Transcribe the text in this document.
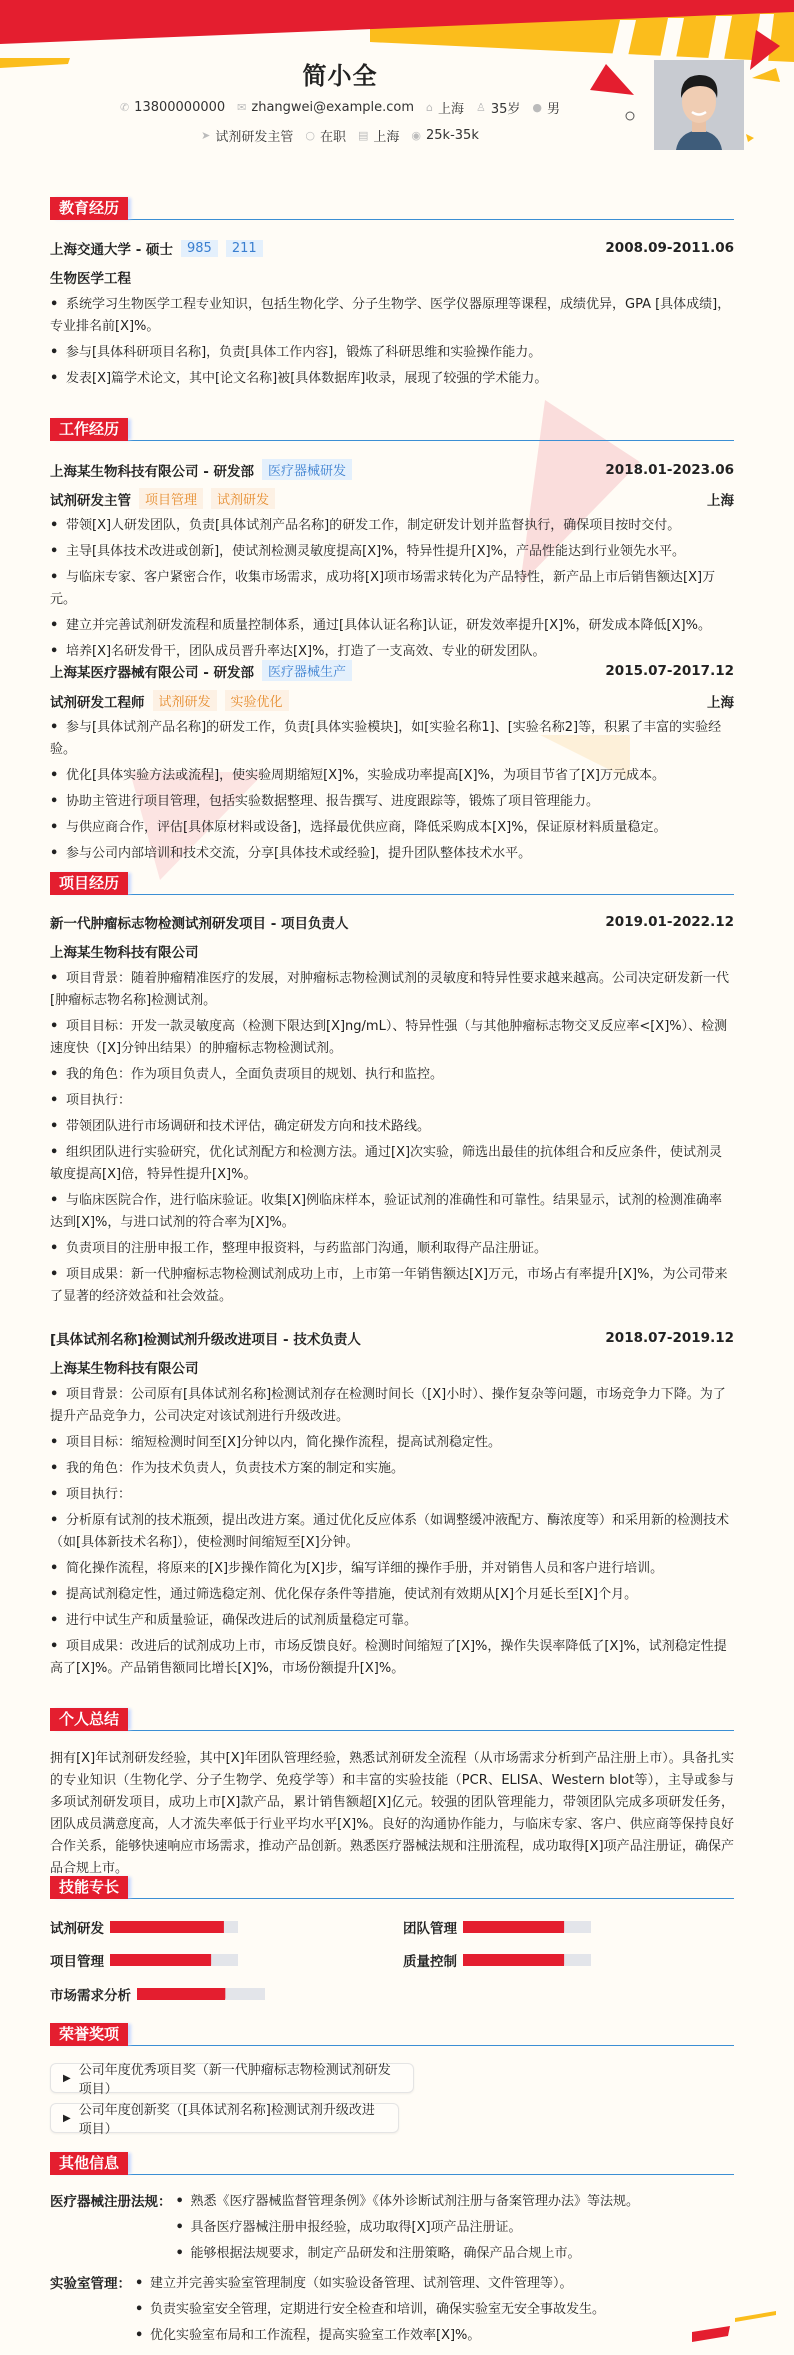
简小全
✆ 13800000000 ✉ zhangwei@example.com ⌂ 上海 ♙ 35岁 ● 男
➤ 试剂研发主管 ○ 在职 ▤ 上海 ◉ 25k-35k
教育经历
上海交通大学 - 硕士	985	211	2008.09-2011.06
生物医学工程
• 系统学习生物医学工程专业知识，包括生物化学、分子生物学、医学仪器原理等课程，成绩优异，GPA [具体成绩]，专业排名前[X]%。
• 参与[具体科研项目名称]，负责[具体工作内容]，锻炼了科研思维和实验操作能力。
• 发表[X]篇学术论文，其中[论文名称]被[具体数据库]收录，展现了较强的学术能力。
工作经历
上海某生物科技有限公司 - 研发部	医疗器械研发	2018.01-2023.06
试剂研发主管	项目管理	试剂研发	上海
• 带领[X]人研发团队，负责[具体试剂产品名称]的研发工作，制定研发计划并监督执行，确保项目按时交付。
• 主导[具体技术改进或创新]，使试剂检测灵敏度提高[X]%，特异性提升[X]%，产品性能达到行业领先水平。
• 与临床专家、客户紧密合作，收集市场需求，成功将[X]项市场需求转化为产品特性，新产品上市后销售额达[X]万元。
• 建立并完善试剂研发流程和质量控制体系，通过[具体认证名称]认证，研发效率提升[X]%，研发成本降低[X]%。
• 培养[X]名研发骨干，团队成员晋升率达[X]%，打造了一支高效、专业的研发团队。
上海某医疗器械有限公司 - 研发部	医疗器械生产	2015.07-2017.12
试剂研发工程师	试剂研发	实验优化	上海
• 参与[具体试剂产品名称]的研发工作，负责[具体实验模块]，如[实验名称1]、[实验名称2]等，积累了丰富的实验经验。
• 优化[具体实验方法或流程]，使实验周期缩短[X]%，实验成功率提高[X]%，为项目节省了[X]万元成本。
• 协助主管进行项目管理，包括实验数据整理、报告撰写、进度跟踪等，锻炼了项目管理能力。
• 与供应商合作，评估[具体原材料或设备]，选择最优供应商，降低采购成本[X]%，保证原材料质量稳定。
• 参与公司内部培训和技术交流，分享[具体技术或经验]，提升团队整体技术水平。
项目经历
新一代肿瘤标志物检测试剂研发项目 - 项目负责人	2019.01-2022.12
上海某生物科技有限公司
• 项目背景：随着肿瘤精准医疗的发展，对肿瘤标志物检测试剂的灵敏度和特异性要求越来越高。公司决定研发新一代[肿瘤标志物名称]检测试剂。
• 项目目标：开发一款灵敏度高（检测下限达到[X]ng/mL）、特异性强（与其他肿瘤标志物交叉反应率<[X]%）、检测速度快（[X]分钟出结果）的肿瘤标志物检测试剂。
• 我的角色：作为项目负责人，全面负责项目的规划、执行和监控。
• 项目执行：
• 带领团队进行市场调研和技术评估，确定研发方向和技术路线。
• 组织团队进行实验研究，优化试剂配方和检测方法。通过[X]次实验，筛选出最佳的抗体组合和反应条件，使试剂灵敏度提高[X]倍，特异性提升[X]%。
• 与临床医院合作，进行临床验证。收集[X]例临床样本，验证试剂的准确性和可靠性。结果显示，试剂的检测准确率达到[X]%，与进口试剂的符合率为[X]%。
• 负责项目的注册申报工作，整理申报资料，与药监部门沟通，顺利取得产品注册证。
• 项目成果：新一代肿瘤标志物检测试剂成功上市，上市第一年销售额达[X]万元，市场占有率提升[X]%，为公司带来了显著的经济效益和社会效益。
[具体试剂名称]检测试剂升级改进项目 - 技术负责人	2018.07-2019.12
上海某生物科技有限公司
• 项目背景：公司原有[具体试剂名称]检测试剂存在检测时间长（[X]小时）、操作复杂等问题，市场竞争力下降。为了提升产品竞争力，公司决定对该试剂进行升级改进。
• 项目目标：缩短检测时间至[X]分钟以内，简化操作流程，提高试剂稳定性。
• 我的角色：作为技术负责人，负责技术方案的制定和实施。
• 项目执行：
• 分析原有试剂的技术瓶颈，提出改进方案。通过优化反应体系（如调整缓冲液配方、酶浓度等）和采用新的检测技术（如[具体新技术名称]），使检测时间缩短至[X]分钟。
• 简化操作流程，将原来的[X]步操作简化为[X]步，编写详细的操作手册，并对销售人员和客户进行培训。
• 提高试剂稳定性，通过筛选稳定剂、优化保存条件等措施，使试剂有效期从[X]个月延长至[X]个月。
• 进行中试生产和质量验证，确保改进后的试剂质量稳定可靠。
• 项目成果：改进后的试剂成功上市，市场反馈良好。检测时间缩短了[X]%，操作失误率降低了[X]%，试剂稳定性提高了[X]%。产品销售额同比增长[X]%，市场份额提升[X]%。
个人总结
拥有[X]年试剂研发经验，其中[X]年团队管理经验，熟悉试剂研发全流程（从市场需求分析到产品注册上市）。具备扎实的专业知识（生物化学、分子生物学、免疫学等）和丰富的实验技能（PCR、ELISA、Western blot等），主导或参与多项试剂研发项目，成功上市[X]款产品，累计销售额超[X]亿元。较强的团队管理能力，带领团队完成多项研发任务，团队成员满意度高，人才流失率低于行业平均水平[X]%。良好的沟通协作能力，与临床专家、客户、供应商等保持良好合作关系，能够快速响应市场需求，推动产品创新。熟悉医疗器械法规和注册流程，成功取得[X]项产品注册证，确保产品合规上市。
技能专长
试剂研发	团队管理
项目管理	质量控制
市场需求分析
荣誉奖项
▶ 公司年度优秀项目奖（新一代肿瘤标志物检测试剂研发项目）
▶ 公司年度创新奖（[具体试剂名称]检测试剂升级改进项目）
其他信息
医疗器械注册法规：	• 熟悉《医疗器械监督管理条例》《体外诊断试剂注册与备案管理办法》等法规。
• 具备医疗器械注册申报经验，成功取得[X]项产品注册证。
• 能够根据法规要求，制定产品研发和注册策略，确保产品合规上市。
实验室管理：	• 建立并完善实验室管理制度（如实验设备管理、试剂管理、文件管理等）。
• 负责实验室安全管理，定期进行安全检查和培训，确保实验室无安全事故发生。
• 优化实验室布局和工作流程，提高实验室工作效率[X]%。
